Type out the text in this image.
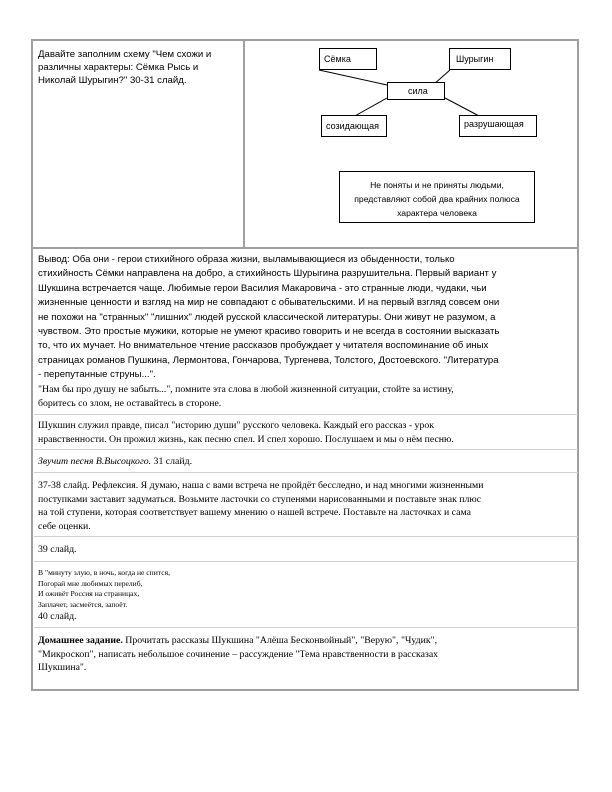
Давайте заполним схему "Чем схожи и различны характеры: Сёмка Рысь и Николай Шурыгин?" 30-31 слайд.
Сёмка	Шурыгин
сила
созидающая	разрушающая
Не поняты и не приняты людьми, представляют собой два крайних полюса характера человека
Вывод: Оба они - герои стихийного образа жизни, выламывающиеся из обыденности, только
стихийность Сёмки направлена на добро, а стихийность Шурыгина разрушительна. Первый вариант у
Шукшина встречается чаще. Любимые герои Василия Макаровича - это странные люди, чудаки, чьи
жизненные ценности и взгляд на мир не совпадают с обывательскими. И на первый взгляд совсем они
не похожи на "странных" "лишних" людей русской классической литературы. Они живут не разумом, а
чувством. Это простые мужики, которые не умеют красиво говорить и не всегда в состоянии высказать
то, что их мучает. Но внимательное чтение рассказов пробуждает у читателя воспоминание об иных
страницах романов Пушкина, Лермонтова, Гончарова, Тургенева, Толстого, Достоевского. "Литература
- перепутанные струны...".
"Нам бы про душу не забыть...", помните эта слова в любой жизненной ситуации, стойте за истину,
боритесь со злом, не оставайтесь в стороне.
Шукшин служил правде, писал "историю души" русского человека. Каждый его рассказ - урок
нравственности. Он прожил жизнь, как песню спел. И спел хорошо. Послушаем и мы о нём песню.
Звучит песня В.Высоцкого. 31 слайд.
37-38 слайд. Рефлексия. Я думаю, наша с вами встреча не пройдёт бесследно, и над многими жизненными
поступками заставит задуматься. Возьмите ласточки со ступенями нарисованными и поставьте знак плюс
на той ступени, которая соответствует вашему мнению о нашей встрече. Поставьте на ласточках и сама
себе оценки.
39 слайд.
В "минуту злую, в ночь, когда не спится,
Погорай мне любимых перелиб,
И оживёт Россия на страницах,
Заплачет, засмеётся, запоёт.
40 слайд.
Домашнее задание. Прочитать рассказы Шукшина "Алёша Бесконвойный", "Верую", "Чудик",
"Микроскоп", написать небольшое сочинение – рассуждение "Тема нравственности в рассказах
Шукшина".
